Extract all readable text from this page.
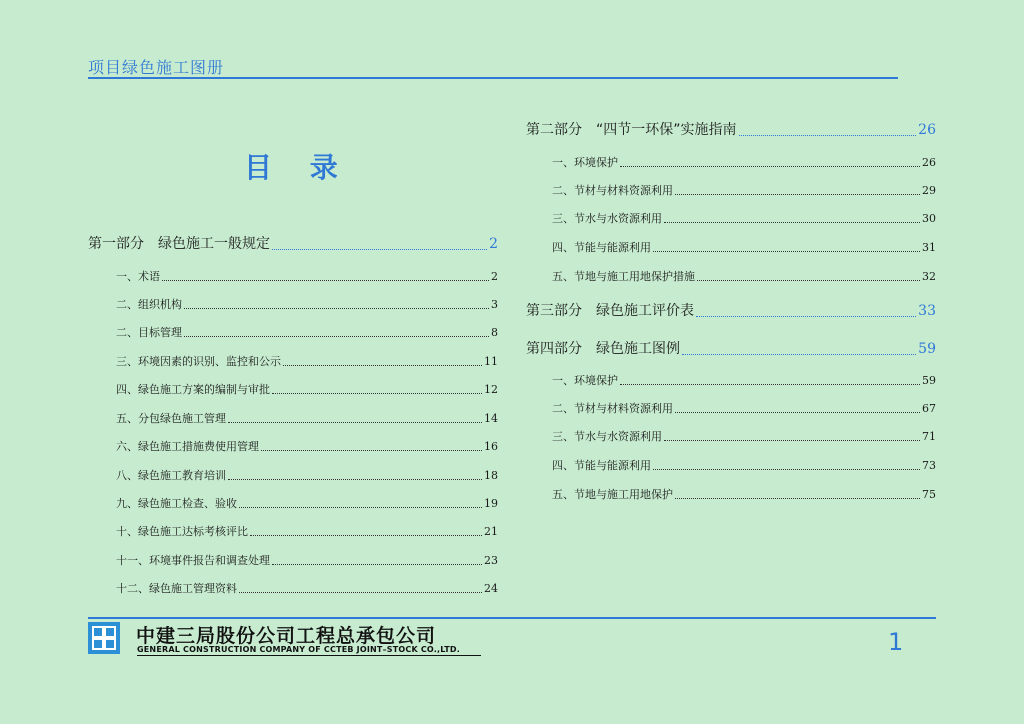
项目绿色施工图册
目 录
第一部分　绿色施工一般规定	2
一、术语	2
二、组织机构	3
二、目标管理	8
三、环境因素的识别、监控和公示	11
四、绿色施工方案的编制与审批	12
五、分包绿色施工管理	14
六、绿色施工措施费使用管理	16
八、绿色施工教育培训	18
九、绿色施工检查、验收	19
十、绿色施工达标考核评比	21
十一、环境事件报告和调查处理	23
十二、绿色施工管理资料	24
第二部分　“四节一环保”实施指南	26
一、环境保护	26
二、节材与材料资源利用	29
三、节水与水资源利用	30
四、节能与能源利用	31
五、节地与施工用地保护措施	32
第三部分　绿色施工评价表	33
第四部分　绿色施工图例	59
一、环境保护	59
二、节材与材料资源利用	67
三、节水与水资源利用	71
四、节能与能源利用	73
五、节地与施工用地保护	75
中建三局股份公司工程总承包公司
GENERAL CONSTRUCTION COMPANY OF CCTEB JOINT–STOCK CO.,LTD.	1
